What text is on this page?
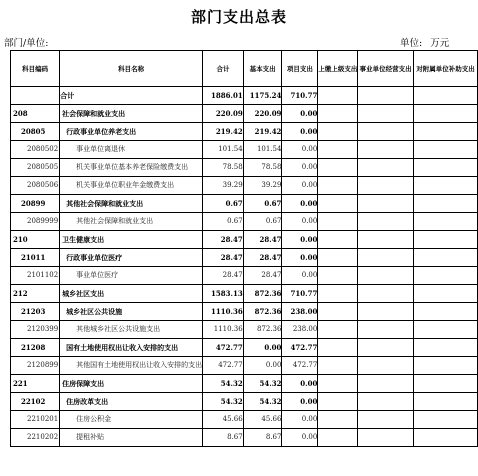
部门支出总表
部门/单位:	单位: 万元
科目编码	科目名称	合计	基本支出	项目支出	上缴上级支出	事业单位经营支出	对附属单位补助支出
	合计	1886.01	1175.24	710.77			
208	社会保障和就业支出	220.09	220.09	0.00			
20805	行政事业单位养老支出	219.42	219.42	0.00			
2080502	事业单位离退休	101.54	101.54	0.00			
2080505	机关事业单位基本养老保险缴费支出	78.58	78.58	0.00			
2080506	机关事业单位职业年金缴费支出	39.29	39.29	0.00			
20899	其他社会保障和就业支出	0.67	0.67	0.00			
2089999	其他社会保障和就业支出	0.67	0.67	0.00			
210	卫生健康支出	28.47	28.47	0.00			
21011	行政事业单位医疗	28.47	28.47	0.00			
2101102	事业单位医疗	28.47	28.47	0.00			
212	城乡社区支出	1583.13	872.36	710.77			
21203	城乡社区公共设施	1110.36	872.36	238.00			
2120399	其他城乡社区公共设施支出	1110.36	872.36	238.00			
21208	国有土地使用权出让收入安排的支出	472.77	0.00	472.77			
2120899	其他国有土地使用权出让收入安排的支出	472.77	0.00	472.77			
221	住房保障支出	54.32	54.32	0.00			
22102	住房改革支出	54.32	54.32	0.00			
2210201	住房公积金	45.66	45.66	0.00			
2210202	提租补贴	8.67	8.67	0.00			
